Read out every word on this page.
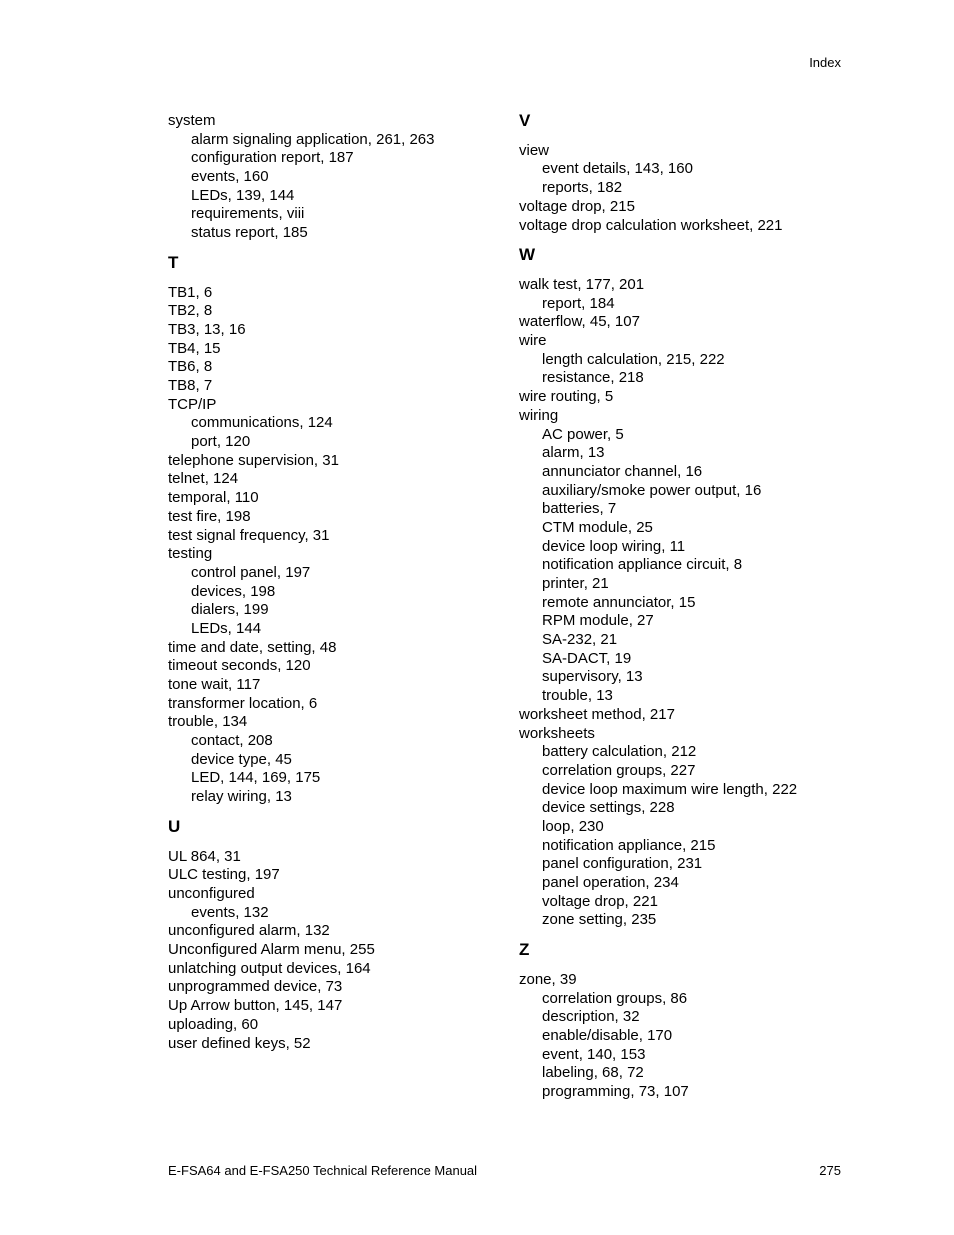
Index
system
alarm signaling application, 261, 263
configuration report, 187
events, 160
LEDs, 139, 144
requirements, viii
status report, 185
T
TB1, 6
TB2, 8
TB3, 13, 16
TB4, 15
TB6, 8
TB8, 7
TCP/IP
communications, 124
port, 120
telephone supervision, 31
telnet, 124
temporal, 110
test fire, 198
test signal frequency, 31
testing
control panel, 197
devices, 198
dialers, 199
LEDs, 144
time and date, setting, 48
timeout seconds, 120
tone wait, 117
transformer location, 6
trouble, 134
contact, 208
device type, 45
LED, 144, 169, 175
relay wiring, 13
U
UL 864, 31
ULC testing, 197
unconfigured
events, 132
unconfigured alarm, 132
Unconfigured Alarm menu, 255
unlatching output devices, 164
unprogrammed device, 73
Up Arrow button, 145, 147
uploading, 60
user defined keys, 52
V
view
event details, 143, 160
reports, 182
voltage drop, 215
voltage drop calculation worksheet, 221
W
walk test, 177, 201
report, 184
waterflow, 45, 107
wire
length calculation, 215, 222
resistance, 218
wire routing, 5
wiring
AC power, 5
alarm, 13
annunciator channel, 16
auxiliary/smoke power output, 16
batteries, 7
CTM module, 25
device loop wiring, 11
notification appliance circuit, 8
printer, 21
remote annunciator, 15
RPM module, 27
SA-232, 21
SA-DACT, 19
supervisory, 13
trouble, 13
worksheet method, 217
worksheets
battery calculation, 212
correlation groups, 227
device loop maximum wire length, 222
device settings, 228
loop, 230
notification appliance, 215
panel configuration, 231
panel operation, 234
voltage drop, 221
zone setting, 235
Z
zone, 39
correlation groups, 86
description, 32
enable/disable, 170
event, 140, 153
labeling, 68, 72
programming, 73, 107
E-FSA64 and E-FSA250 Technical Reference Manual	275
